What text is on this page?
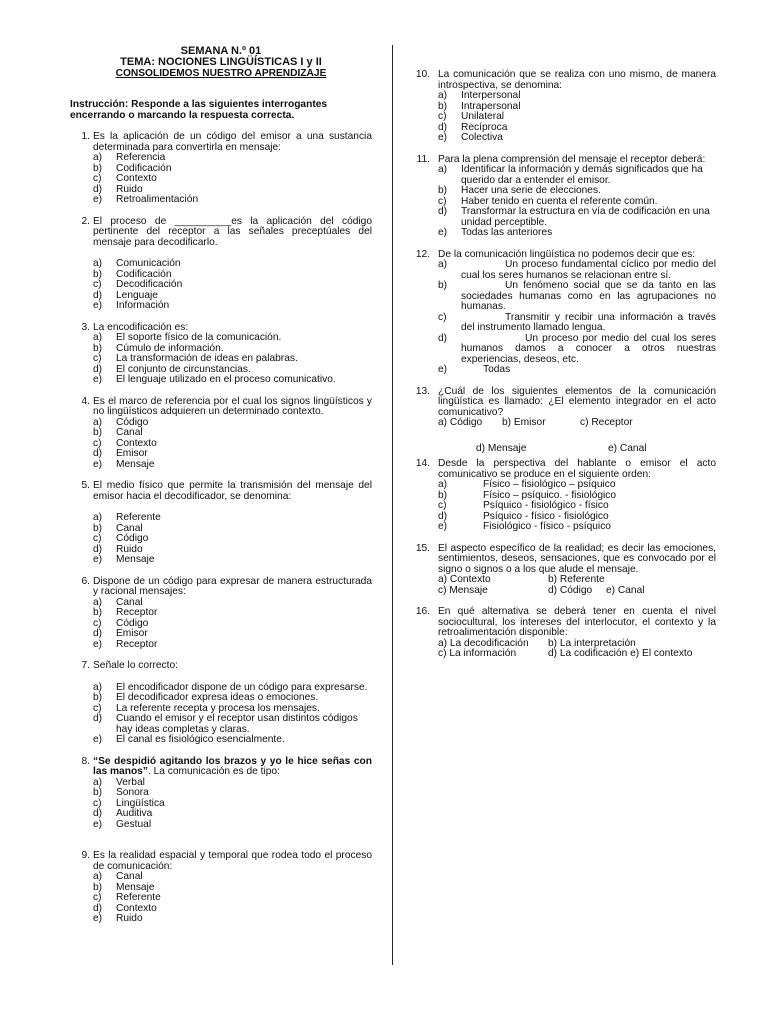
SEMANA N.º 01
TEMA: NOCIONES LINGÜÍSTICAS I y II
CONSOLIDEMOS NUESTRO APRENDIZAJE
Instrucción: Responde a las siguientes interrogantes encerrando o marcando la respuesta correcta.
1. Es la aplicación de un código del emisor a una sustancia determinada para convertirla en mensaje:
a) Referencia
b) Codificación
c) Contexto
d) Ruido
e) Retroalimentación
2. El proceso de __________es la aplicación del código pertinente del receptor a las señales preceptúales del mensaje para decodificarlo.
a) Comunicación
b) Codificación
c) Decodificación
d) Lenguaje
e) Información
3. La encodificación es:
a) El soporte físico de la comunicación.
b) Cúmulo de información.
c) La transformación de ideas en palabras.
d) El conjunto de circunstancias.
e) El lenguaje utilizado en el proceso comunicativo.
4. Es el marco de referencia por el cual los signos lingüísticos y no lingüísticos adquieren un determinado contexto.
a) Código
b) Canal
c) Contexto
d) Emisor
e) Mensaje
5. El medio físico que permite la transmisión del mensaje del emisor hacia el decodificador, se denomina:
a) Referente
b) Canal
c) Código
d) Ruido
e) Mensaje
6. Dispone de un código para expresar de manera estructurada y racional mensajes:
a) Canal
b) Receptor
c) Código
d) Emisor
e) Receptor
7. Señale lo correcto:
a) El encodificador dispone de un código para expresarse.
b) El decodificador expresa ideas o emociones.
c) La referente recepta y procesa los mensajes.
d) Cuando el emisor y el receptor usan distintos códigos hay ideas completas y claras.
e) El canal es fisiológico esencialmente.
8. “Se despidió agitando los brazos y yo le hice señas con las manos”. La comunicación es de tipo:
a) Verbal
b) Sonora
c) Lingüística
d) Auditiva
e) Gestual
9. Es la realidad espacial y temporal que rodea todo el proceso de comunicación:
a) Canal
b) Mensaje
c) Referente
d) Contexto
e) Ruido
10. La comunicación que se realiza con uno mismo, de manera introspectiva, se denomina:
a) Interpersonal
b) Intrapersonal
c) Unilateral
d) Recíproca
e) Colectiva
11. Para la plena comprensión del mensaje el receptor deberá:
a) Identificar la información y demás significados que ha querido dar a entender el emisor.
b) Hacer una serie de elecciones.
c) Haber tenido en cuenta el referente común.
d) Transformar la estructura en vía de codificación en una unidad perceptible.
e) Todas las anteriores
12. De la comunicación lingüística no podemos decir que es:
a)	Un proceso fundamental cíclico por medio del cual los seres humanos se relacionan entre sí.
b)	Un fenómeno social que se da tanto en las sociedades humanas como en las agrupaciones no humanas.
c)	Transmitir y recibir una información a través del instrumento llamado lengua.
d)	Un proceso por medio del cual los seres humanos damos a conocer a otros nuestras experiencias, deseos, etc.
e)	Todas
13. ¿Cuál de los siguientes elementos de la comunicación lingüística es llamado: ¿El elemento integrador en el acto comunicativo?
a) Código b) Emisor	c) Receptor
d) Mensaje	e) Canal
14. Desde la perspectiva del hablante o emisor el acto comunicativo se produce en el siguiente orden:
a)	Físico – fisiológico – psíquico
b)	Físico – psíquico. - fisiológico
c)	Psíquico - fisiológico - físico
d)	Psíquico - físico - fisiológico
e)	Fisiológico - físico - psíquico
15. El aspecto específico de la realidad; es decir las emociones, sentimientos, deseos, sensaciones, que es convocado por el signo o signos o a los que alude el mensaje.
a) Contexto	b) Referente
c) Mensaje	d) Código e) Canal
16. En qué alternativa se deberá tener en cuenta el nivel sociocultural, los intereses del interlocutor, el contexto y la retroalimentación disponible:
a) La decodificación b) La interpretación
c) La información	d) La codificación e) El contexto
